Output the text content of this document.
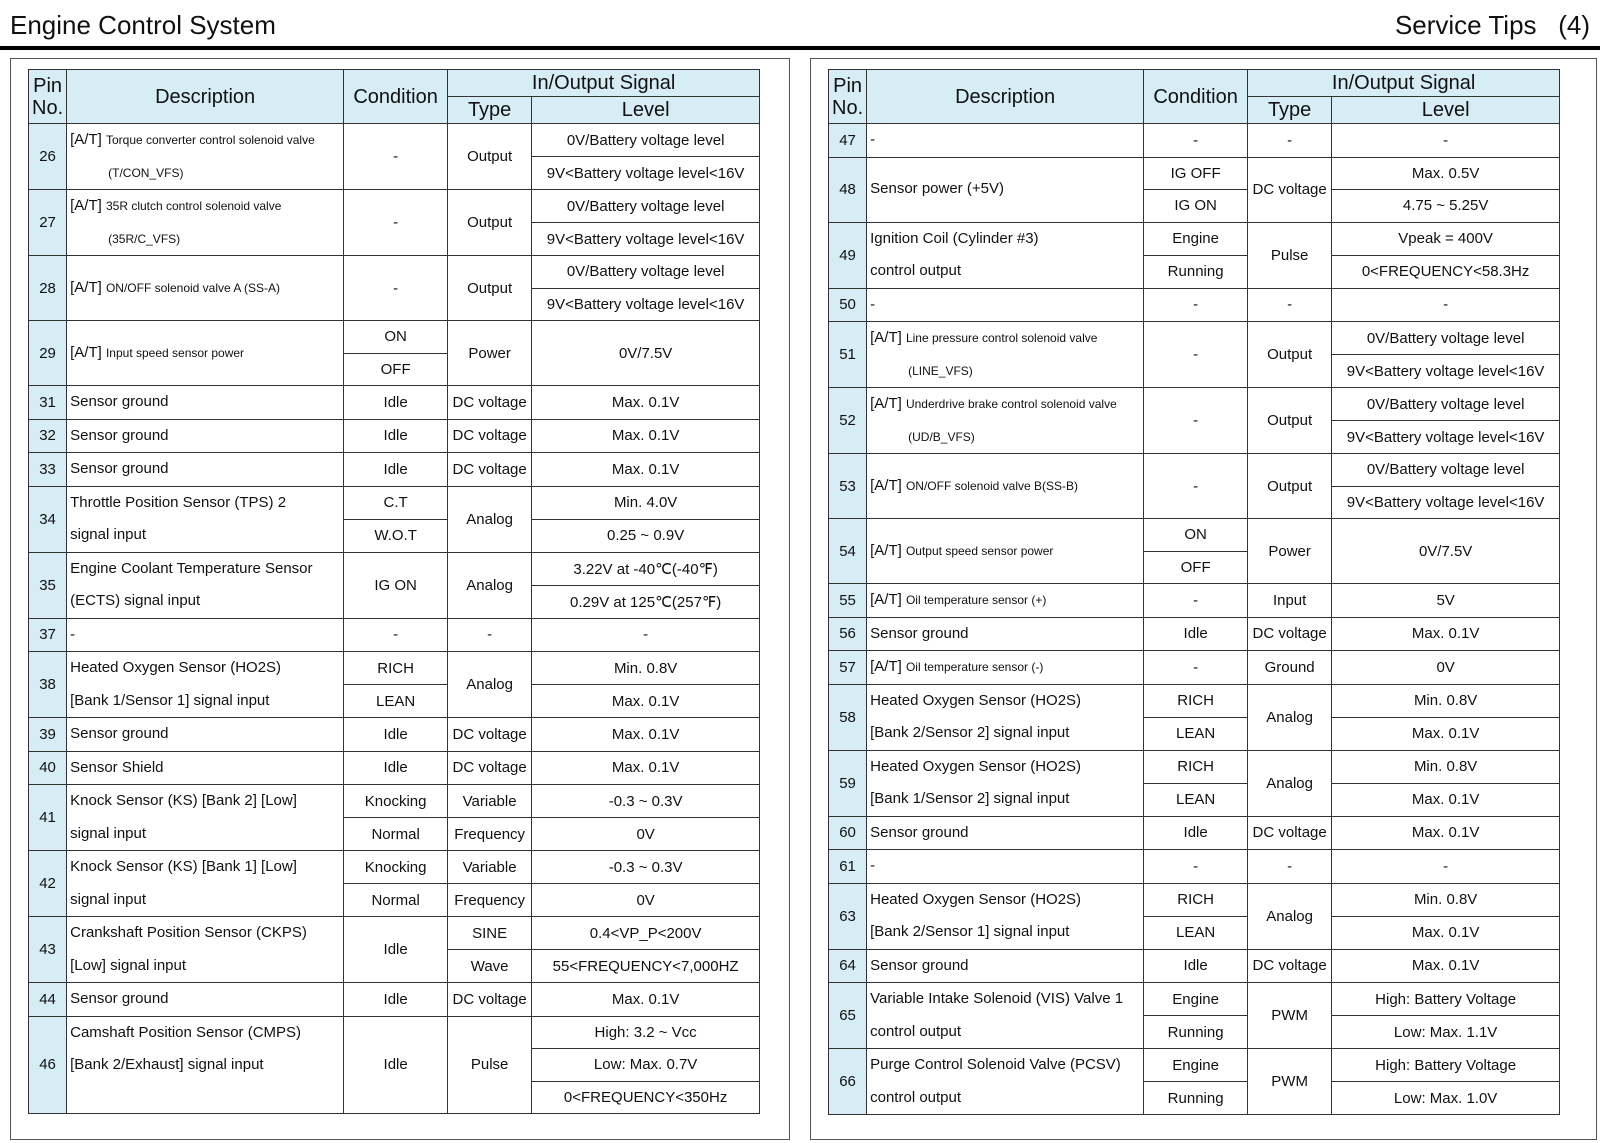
Engine Control System	Service Tips (4)
Pin
No.	Description	Condition	In/Output Signal	
			Type	Level
26	[A/T] Torque converter control solenoid valve
(T/CON_VFS)	-	Output	0V/Battery voltage level
				9V<Battery voltage level<16V
27	[A/T] 35R clutch control solenoid valve
(35R/C_VFS)	-	Output	0V/Battery voltage level
				9V<Battery voltage level<16V
28	[A/T] ON/OFF solenoid valve A (SS-A)	-	Output	0V/Battery voltage level
				9V<Battery voltage level<16V
29	[A/T] Input speed sensor power	ON	Power	0V/7.5V
		OFF		
31	Sensor ground	Idle	DC voltage	Max. 0.1V
32	Sensor ground	Idle	DC voltage	Max. 0.1V
33	Sensor ground	Idle	DC voltage	Max. 0.1V
34	Throttle Position Sensor (TPS) 2
signal input	C.T	Analog	Min. 4.0V
		W.O.T		0.25 ~ 0.9V
35	Engine Coolant Temperature Sensor
(ECTS) signal input	IG ON	Analog	3.22V at -40℃(-40℉)
				0.29V at 125℃(257℉)
37	-	-	-	-
38	Heated Oxygen Sensor (HO2S)
[Bank 1/Sensor 1] signal input	RICH	Analog	Min. 0.8V
		LEAN		Max. 0.1V
39	Sensor ground	Idle	DC voltage	Max. 0.1V
40	Sensor Shield	Idle	DC voltage	Max. 0.1V
41	Knock Sensor (KS) [Bank 2] [Low]
signal input	Knocking	Variable	-0.3 ~ 0.3V
		Normal	Frequency	0V
42	Knock Sensor (KS) [Bank 1] [Low]
signal input	Knocking	Variable	-0.3 ~ 0.3V
		Normal	Frequency	0V
43	Crankshaft Position Sensor (CKPS)
[Low] signal input	Idle	SINE	0.4<VP_P<200V
			Wave	55<FREQUENCY<7,000HZ
44	Sensor ground	Idle	DC voltage	Max. 0.1V
46	Camshaft Position Sensor (CMPS)
[Bank 2/Exhaust] signal input	Idle	Pulse	High: 3.2 ~ Vcc
				Low: Max. 0.7V
				0<FREQUENCY<350Hz
Pin
No.	Description	Condition	In/Output Signal	
			Type	Level
47	-	-	-	-
48	Sensor power (+5V)	IG OFF	DC voltage	Max. 0.5V
		IG ON		4.75 ~ 5.25V
49	Ignition Coil (Cylinder #3)
control output	Engine	Pulse	Vpeak = 400V
		Running		0<FREQUENCY<58.3Hz
50	-	-	-	-
51	[A/T] Line pressure control solenoid valve
(LINE_VFS)	-	Output	0V/Battery voltage level
				9V<Battery voltage level<16V
52	[A/T] Underdrive brake control solenoid valve
(UD/B_VFS)	-	Output	0V/Battery voltage level
				9V<Battery voltage level<16V
53	[A/T] ON/OFF solenoid valve B(SS-B)	-	Output	0V/Battery voltage level
				9V<Battery voltage level<16V
54	[A/T] Output speed sensor power	ON	Power	0V/7.5V
		OFF		
55	[A/T] Oil temperature sensor (+)	-	Input	5V
56	Sensor ground	Idle	DC voltage	Max. 0.1V
57	[A/T] Oil temperature sensor (-)	-	Ground	0V
58	Heated Oxygen Sensor (HO2S)
[Bank 2/Sensor 2] signal input	RICH	Analog	Min. 0.8V
		LEAN		Max. 0.1V
59	Heated Oxygen Sensor (HO2S)
[Bank 1/Sensor 2] signal input	RICH	Analog	Min. 0.8V
		LEAN		Max. 0.1V
60	Sensor ground	Idle	DC voltage	Max. 0.1V
61	-	-	-	-
63	Heated Oxygen Sensor (HO2S)
[Bank 2/Sensor 1] signal input	RICH	Analog	Min. 0.8V
		LEAN		Max. 0.1V
64	Sensor ground	Idle	DC voltage	Max. 0.1V
65	Variable Intake Solenoid (VIS) Valve 1
control output	Engine	PWM	High: Battery Voltage
		Running		Low: Max. 1.1V
66	Purge Control Solenoid Valve (PCSV)
control output	Engine	PWM	High: Battery Voltage
		Running		Low: Max. 1.0V
